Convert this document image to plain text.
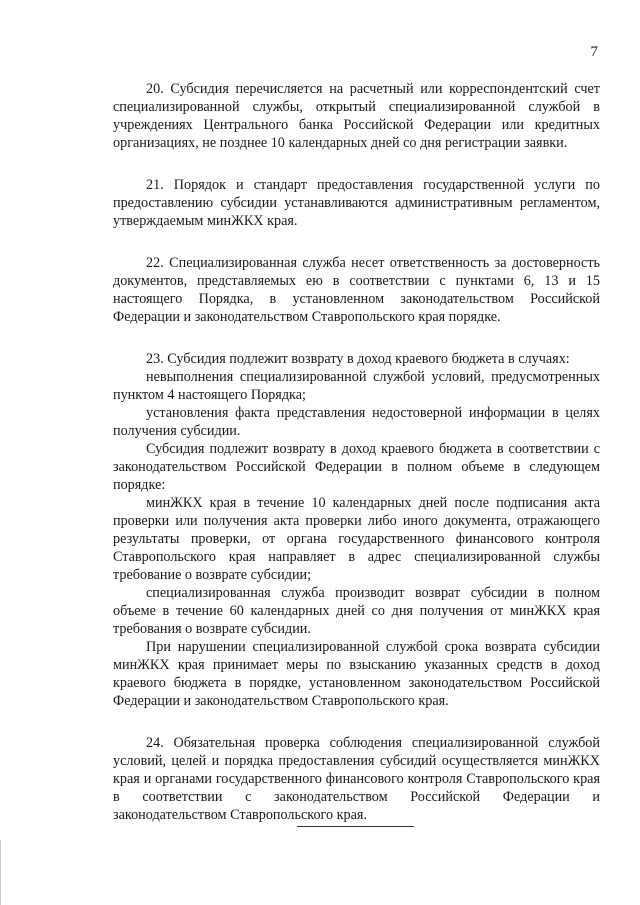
7

20. Субсидия перечисляется на расчетный или корреспондентский счет специализированной службы, открытый специализированной службой в учреждениях Центрального банка Российской Федерации или кредитных организациях, не позднее 10 календарных дней со дня регистрации заявки.

21. Порядок и стандарт предоставления государственной услуги по предоставлению субсидии устанавливаются административным регламентом, утверждаемым минЖКХ края.

22. Специализированная служба несет ответственность за достоверность документов, представляемых ею в соответствии с пунктами 6, 13 и 15 настоящего Порядка, в установленном законодательством Российской Федерации и законодательством Ставропольского края порядке.

23. Субсидия подлежит возврату в доход краевого бюджета в случаях:

невыполнения специализированной службой условий, предусмотренных пунктом 4 настоящего Порядка;

установления факта представления недостоверной информации в целях получения субсидии.

Субсидия подлежит возврату в доход краевого бюджета в соответствии с законодательством Российской Федерации в полном объеме в следующем порядке:

минЖКХ края в течение 10 календарных дней после подписания акта проверки или получения акта проверки либо иного документа, отражающего результаты проверки, от органа государственного финансового контроля Ставропольского края направляет в адрес специализированной службы требование о возврате субсидии;

специализированная служба производит возврат субсидии в полном объеме в течение 60 календарных дней со дня получения от минЖКХ края требования о возврате субсидии.

При нарушении специализированной службой срока возврата субсидии минЖКХ края принимает меры по взысканию указанных средств в доход краевого бюджета в порядке, установленном законодательством Российской Федерации и законодательством Ставропольского края.

24. Обязательная проверка соблюдения специализированной службой условий, целей и порядка предоставления субсидий осуществляется минЖКХ края и органами государственного финансового контроля Ставропольского края в соответствии с законодательством Российской Федерации и законодательством Ставропольского края.
